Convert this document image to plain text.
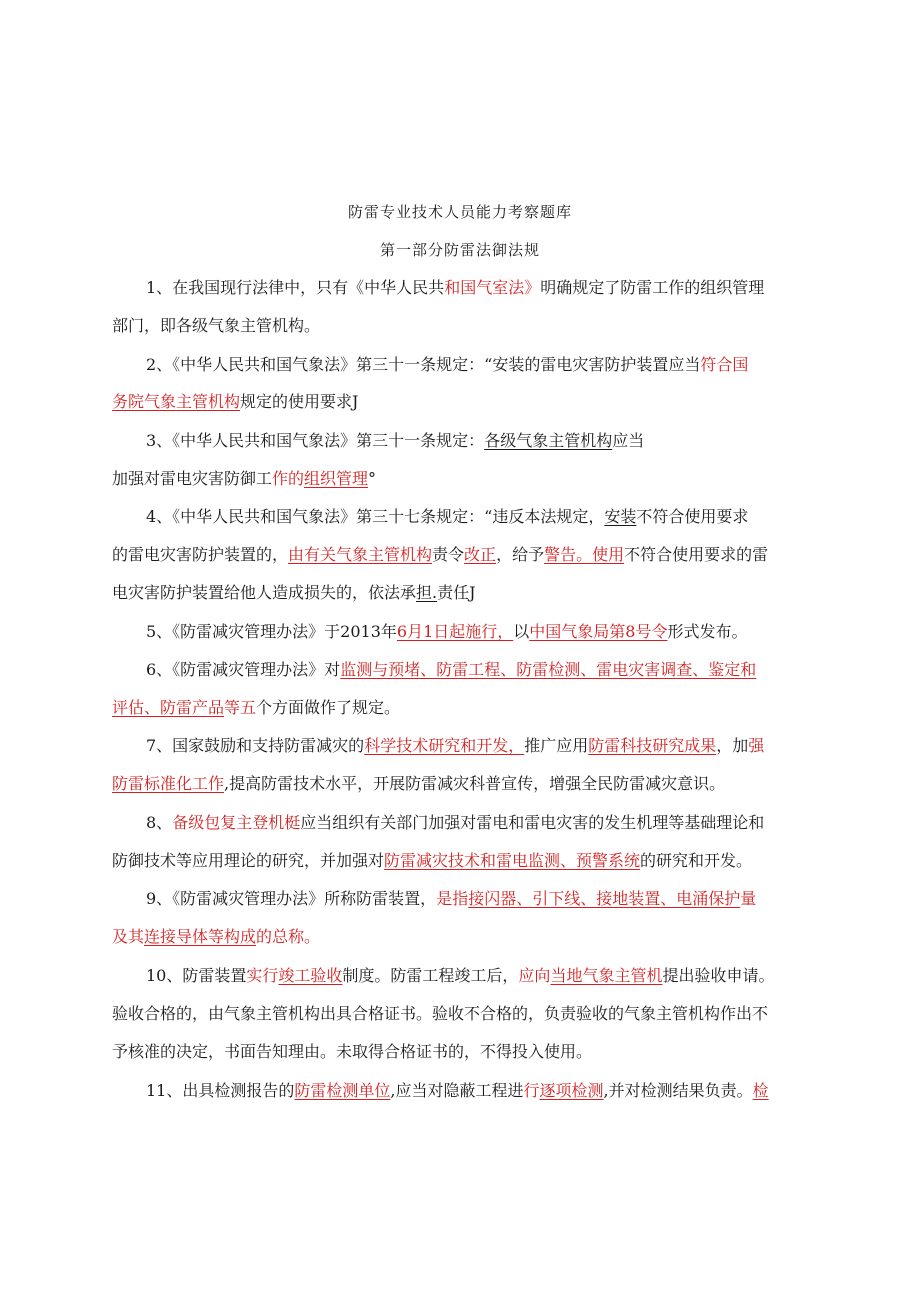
防雷专业技术人员能力考察题库
第一部分防雷法御法规
1、在我国现行法律中，只有《中华人民共和国气室法》明确规定了防雷工作的组织管理
部门，即各级气象主管机构。
2、《中华人民共和国气象法》第三十一条规定：“安装的雷电灾害防护装置应当符合国
务院气象主管机构规定的使用要求J
3、《中华人民共和国气象法》第三十一条规定：各级气象主管机构应当
加强对雷电灾害防御工作的组织管理°
4、《中华人民共和国气象法》第三十七条规定：“违反本法规定，安装不符合使用要求
的雷电灾害防护装置的，由有关气象主管机构责令改正，给予警告。使用不符合使用要求的雷
电灾害防护装置给他人造成损失的，依法承担.责任J
5、《防雷减灾管理办法》于2013年6月1日起施行，以中国气象局第8号令形式发布。
6、《防雷减灾管理办法》对监测与预堵、防雷工程、防雷检测、雷电灾害调查、鉴定和
评估、防雷产品等五个方面做作了规定。
7、国家鼓励和支持防雷减灾的科学技术研究和开发，推广应用防雷科技研究成果，加强
防雷标准化工作,提高防雷技术水平，开展防雷减灾科普宣传，增强全民防雷减灾意识。
8、备级包复主登机梃应当组织有关部门加强对雷电和雷电灾害的发生机理等基础理论和
防御技术等应用理论的研究，并加强对防雷减灾技术和雷电监测、预警系统的研究和开发。
9、《防雷减灾管理办法》所称防雷装置，是指接闪器、引下线、接地装置、电涌保护量
及其连接导体等构成的总称。
10、防雷装置实行竣工验收制度。防雷工程竣工后，应向当地气象主管机提出验收申请。
验收合格的，由气象主管机构出具合格证书。验收不合格的，负责验收的气象主管机构作出不
予核准的决定，书面告知理由。未取得合格证书的，不得投入使用。
11、出具检测报告的防雷检测单位,应当对隐蔽工程进行逐项检测,并对检测结果负责。检
